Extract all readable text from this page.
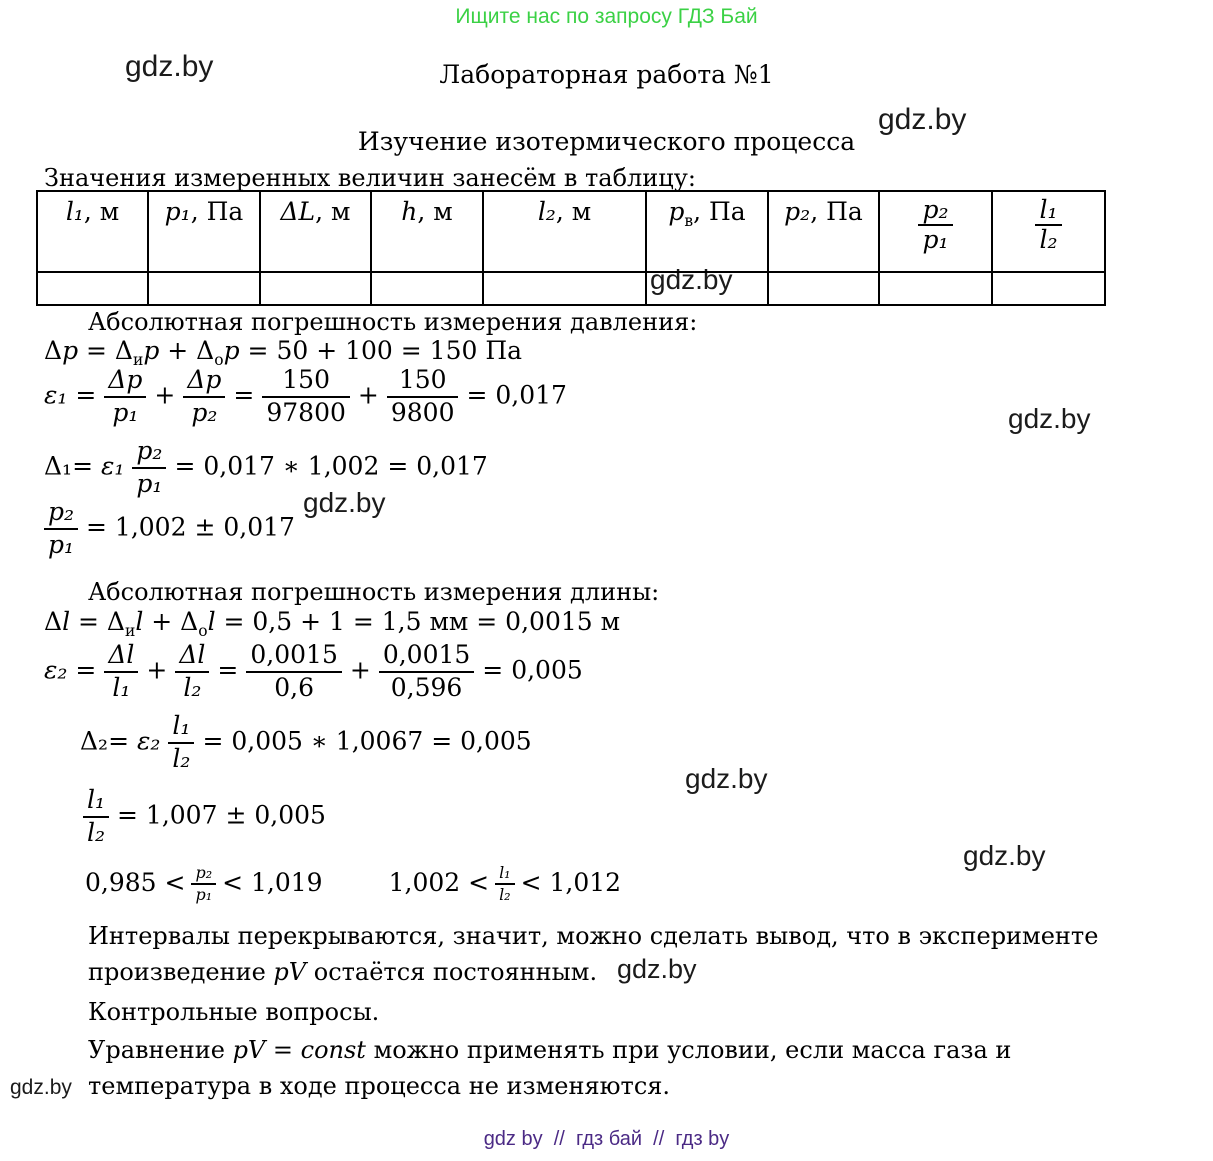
Ищите нас по запросу ГДЗ Бай
gdz.by
gdz.by
gdz.by
gdz.by
gdz.by
gdz.by
gdz.by
gdz.by
gdz.by
Лабораторная работа №1
Изучение изотермического процесса
Значения измеренных величин занесём в таблицу:
l₁, м	p₁, Па	ΔL, м	h, м	l₂, м	$p_в$, Па	p₂, Па	$\frac{\text{p₂}}{\text{p₁}}$	$\frac{\text{l₁}}{\text{l₂}}$

Абсолютная погрешность измерения давления:
$\Delta p = \Delta_иp + \Delta_оp = 50 + 100 = 150$ Па
$\varepsilon_1 = \frac{\Delta p}{\text{p₁}} + \frac{\Delta p}{\text{p₂}} = \frac{150}{97800} + \frac{150}{9800} = 0,017$
$\Delta_1= \varepsilon_1 \frac{\text{p₂}}{\text{p₁}} = 0,017$ ∗ 1,002 = 0,017
$\frac{\text{p₂}}{\text{p₁}} = 1,002 \pm 0,017$
Абсолютная погрешность измерения длины:
$\Delta l = \Delta_иl + \Delta_оl = 0,5 + 1 = 1,5$ мм = 0,0015 м
$\varepsilon_2 = \frac{\Delta l}{\text{l₁}} + \frac{\Delta l}{\text{l₂}} = \frac{0,0015}{0,6} + \frac{0,0015}{0,596} = 0,005$
$\Delta_2= \varepsilon_2 \frac{\text{l₁}}{\text{l₂}} = 0,005$ ∗ 1,0067 = 0,005
$\frac{\text{l₁}}{\text{l₂}} = 1,007 \pm 0,005$
$0,985 < \frac{\text{p₂}}{\text{p₁}} < 1,019$	$1,002 < \frac{\text{l₁}}{\text{l₂}} < 1,012$
Интервалы перекрываются, значит, можно сделать вывод, что в эксперименте
произведение pV остаётся постоянным.
Контрольные вопросы.
Уравнение pV = const можно применять при условии, если масса газа и
температура в ходе процесса не изменяются.
gdz by  //  гдз бай  //  гдз by
